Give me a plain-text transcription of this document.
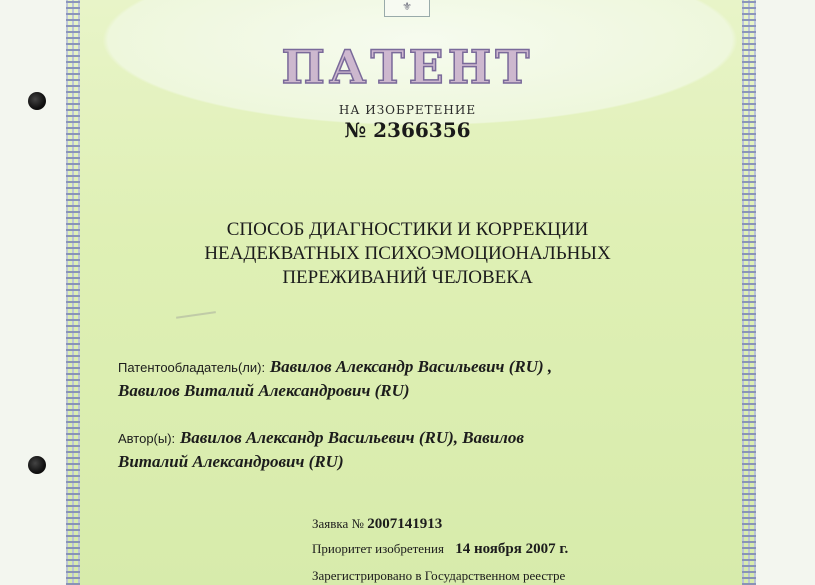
⚜
ПАТЕНТ
НА ИЗОБРЕТЕНИЕ
№ 2366356
СПОСОБ ДИАГНОСТИКИ И КОРРЕКЦИИ
НЕАДЕКВАТНЫХ ПСИХОЭМОЦИОНАЛЬНЫХ
ПЕРЕЖИВАНИЙ ЧЕЛОВЕКА
Патентообладатель(ли): Вавилов Александр Васильевич (RU) ,
Вавилов Виталий Александрович (RU)
Автор(ы): Вавилов Александр Васильевич (RU), Вавилов
Виталий Александрович (RU)
Заявка № 2007141913
Приоритет изобретения 14 ноября 2007 г.
Зарегистрировано в Государственном реестре
